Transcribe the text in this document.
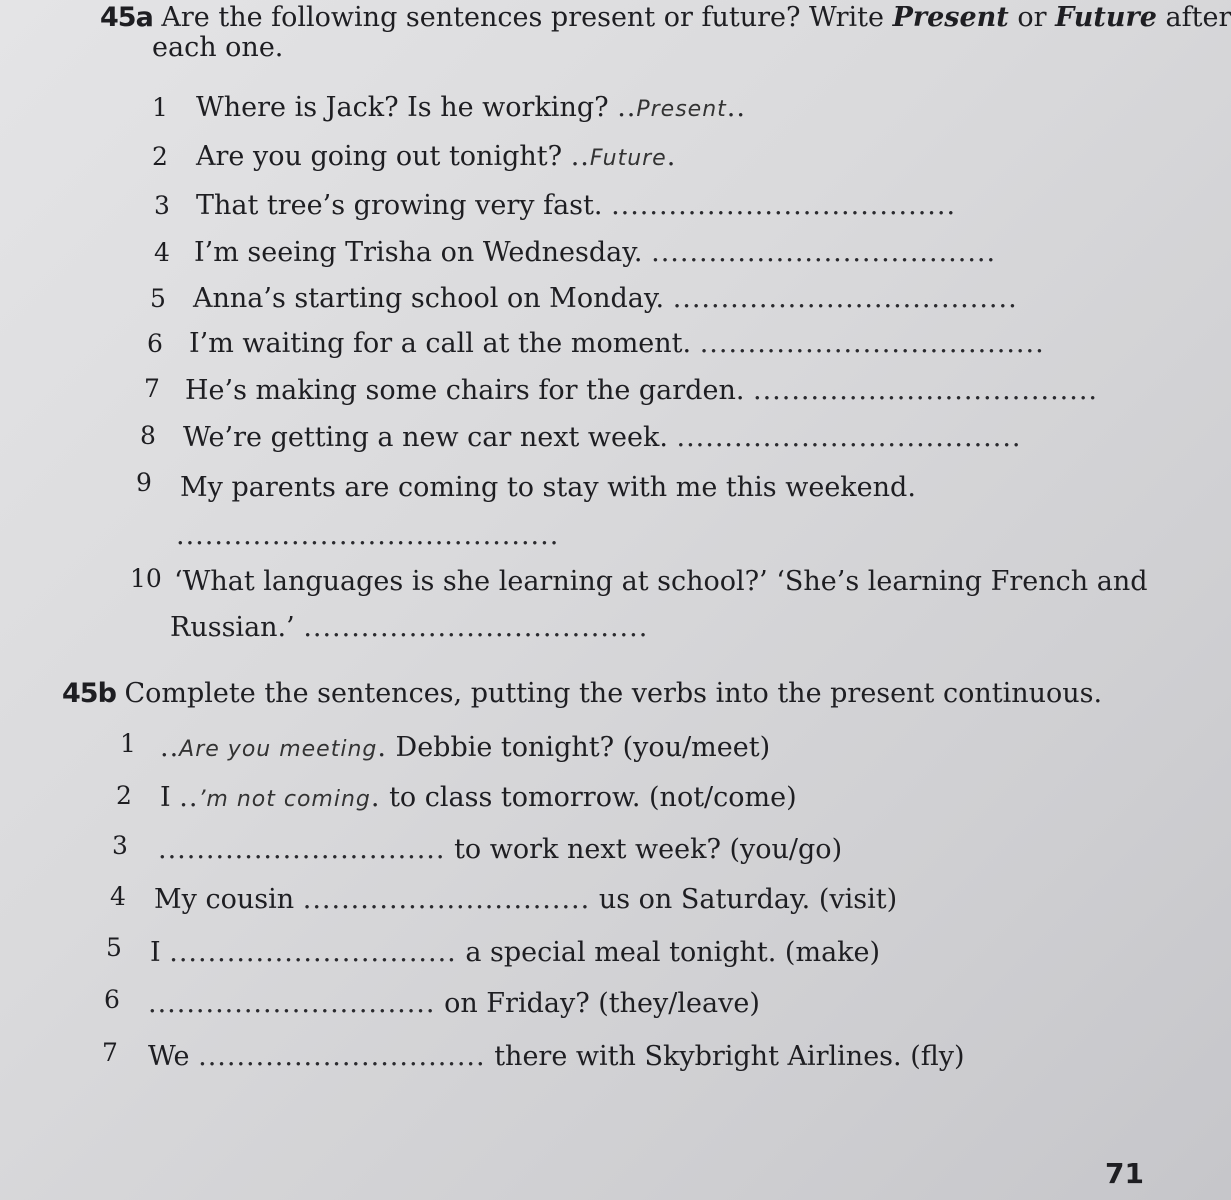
45a Are the following sentences present or future? Write Present or Future after
each one.
1 Where is Jack? Is he working? ..Present..
2 Are you going out tonight? ..Future.
3 That tree’s growing very fast. ....................................
4 I’m seeing Trisha on Wednesday. ....................................
5 Anna’s starting school on Monday. ....................................
6 I’m waiting for a call at the moment. ....................................
7 He’s making some chairs for the garden. ....................................
8 We’re getting a new car next week. ....................................
9 My parents are coming to stay with me this weekend.
........................................
10 ‘What languages is she learning at school?’ ‘She’s learning French and
Russian.’ ....................................
45b Complete the sentences, putting the verbs into the present continuous.
1 ..Are you meeting. Debbie tonight? (you/meet)
2 I ..’m not coming. to class tomorrow. (not/come)
3 .............................. to work next week? (you/go)
4 My cousin .............................. us on Saturday. (visit)
5 I .............................. a special meal tonight. (make)
6 .............................. on Friday? (they/leave)
7 We .............................. there with Skybright Airlines. (fly)
71
